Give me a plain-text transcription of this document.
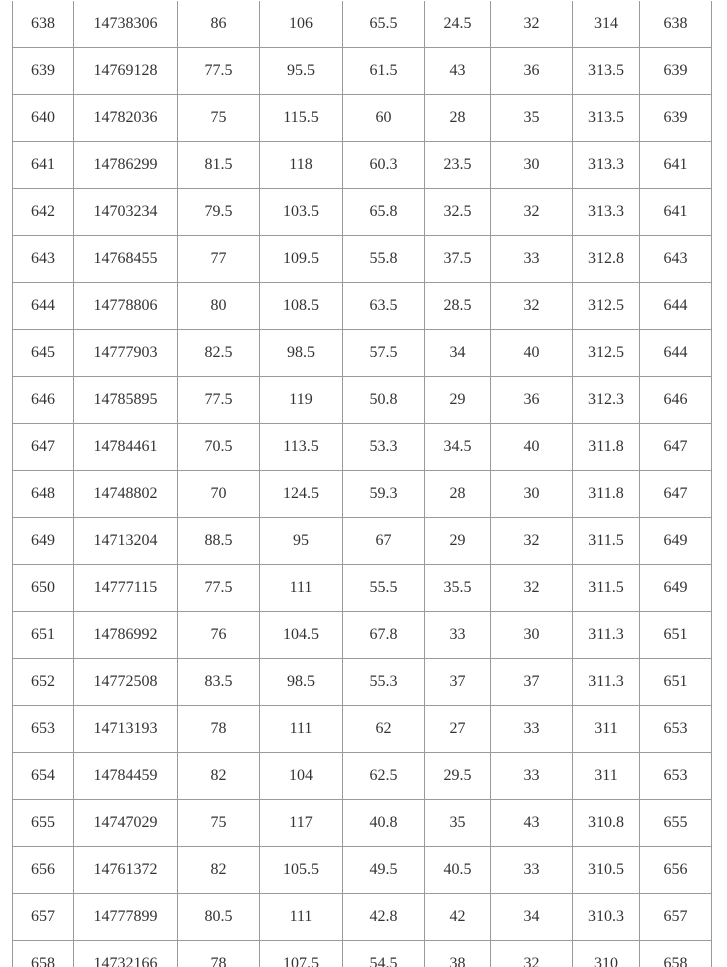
638	14738306	86	106	65.5	24.5	32	314	638
639	14769128	77.5	95.5	61.5	43	36	313.5	639
640	14782036	75	115.5	60	28	35	313.5	639
641	14786299	81.5	118	60.3	23.5	30	313.3	641
642	14703234	79.5	103.5	65.8	32.5	32	313.3	641
643	14768455	77	109.5	55.8	37.5	33	312.8	643
644	14778806	80	108.5	63.5	28.5	32	312.5	644
645	14777903	82.5	98.5	57.5	34	40	312.5	644
646	14785895	77.5	119	50.8	29	36	312.3	646
647	14784461	70.5	113.5	53.3	34.5	40	311.8	647
648	14748802	70	124.5	59.3	28	30	311.8	647
649	14713204	88.5	95	67	29	32	311.5	649
650	14777115	77.5	111	55.5	35.5	32	311.5	649
651	14786992	76	104.5	67.8	33	30	311.3	651
652	14772508	83.5	98.5	55.3	37	37	311.3	651
653	14713193	78	111	62	27	33	311	653
654	14784459	82	104	62.5	29.5	33	311	653
655	14747029	75	117	40.8	35	43	310.8	655
656	14761372	82	105.5	49.5	40.5	33	310.5	656
657	14777899	80.5	111	42.8	42	34	310.3	657
658	14732166	78	107.5	54.5	38	32	310	658
